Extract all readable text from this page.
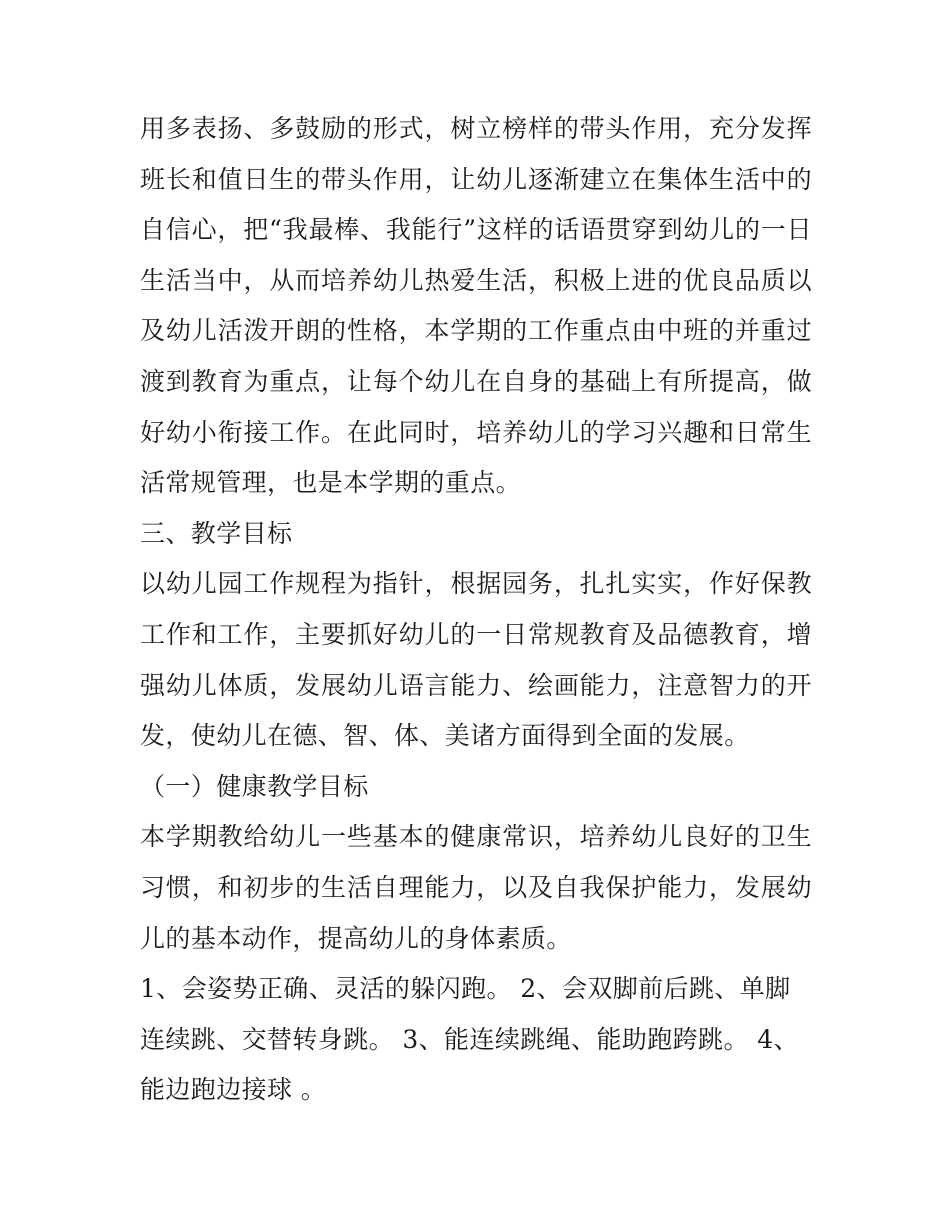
用多表扬、多鼓励的形式，树立榜样的带头作用，充分发挥班长和值日生的带头作用，让幼儿逐渐建立在集体生活中的自信心，把“我最棒、我能行”这样的话语贯穿到幼儿的一日生活当中，从而培养幼儿热爱生活，积极上进的优良品质以及幼儿活泼开朗的性格，本学期的工作重点由中班的并重过渡到教育为重点，让每个幼儿在自身的基础上有所提高，做好幼小衔接工作。在此同时，培养幼儿的学习兴趣和日常生活常规管理，也是本学期的重点。

三、教学目标

以幼儿园工作规程为指针，根据园务，扎扎实实，作好保教工作和工作，主要抓好幼儿的一日常规教育及品德教育，增强幼儿体质，发展幼儿语言能力、绘画能力，注意智力的开发，使幼儿在德、智、体、美诸方面得到全面的发展。

（一）健康教学目标

本学期教给幼儿一些基本的健康常识，培养幼儿良好的卫生习惯，和初步的生活自理能力，以及自我保护能力，发展幼儿的基本动作，提高幼儿的身体素质。

1、会姿势正确、灵活的躲闪跑。 2、会双脚前后跳、单脚连续跳、交替转身跳。 3、能连续跳绳、能助跑跨跳。 4、能边跑边接球 。
